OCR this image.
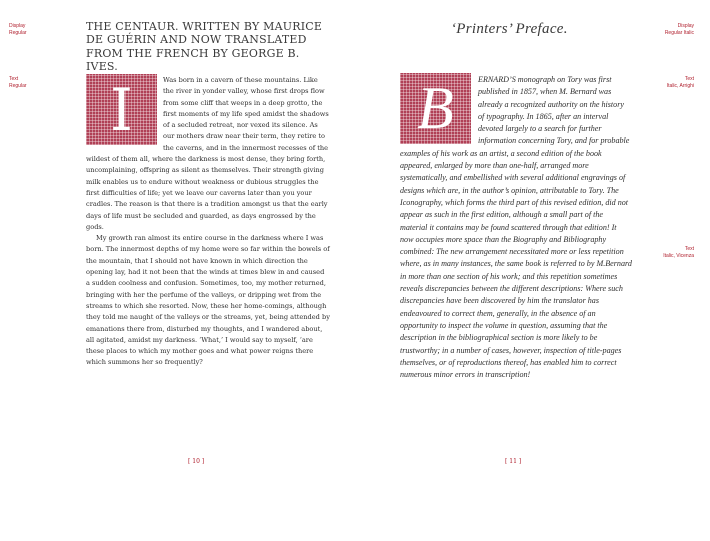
Display
Regular
Text
Regular
THE CENTAUR. WRITTEN BY MAURICE DE GUÉRIN AND NOW TRANSLATED FROM THE FRENCH BY GEORGE B. IVES.
I	Was born in a cavern of these mountains. Like the river in yonder valley, whose first drops flow from some cliff that weeps in a deep grotto, the first moments of my life sped amidst the shadows of a secluded retreat, nor vexed its silence. As our mothers draw near their term, they retire to the caverns, and in the innermost recesses of the wildest of them all, where the darkness is most dense, they bring forth, uncomplaining, offspring as silent as themselves. Their strength giving milk enables us to endure without weakness or dubious struggles the first difficulties of life; yet we leave our caverns later than you your cradles. The reason is that there is a tradition amongst us that the early days of life must be secluded and guarded, as days engrossed by the gods.

My growth ran almost its entire course in the darkness where I was born. The innermost depths of my home were so far within the bowels of the mountain, that I should not have known in which direction the opening lay, had it not been that the winds at times blew in and caused a sudden coolness and confusion. Sometimes, too, my mother returned, bringing with her the perfume of the valleys, or dripping wet from the streams to which she resorted. Now, these her home-comings, although they told me naught of the valleys or the streams, yet, being attended by emanations there from, disturbed my thoughts, and I wandered about, all agitated, amidst my darkness. ‘What,’ I would say to myself, ‘are these places to which my mother goes and what power reigns there which summons her so frequently?

[ 10 ]
Display
Regular Italic
Text
Italic, Arrighi
Text
Italic, Vicenza
‘Printers’ Preface.
B	ERNARD’S monograph on Tory was first published in 1857, when M. Bernard was already a recognized authority on the history of typography. In 1865, after an interval devoted largely to a search for further information concerning Tory, and for probable examples of his work as an artist, a second edition of the book appeared, enlarged by more than one-half, arranged more systematically, and embellished with several additional engravings of designs which are, in the author’s opinion, attributable to Tory. The Iconography, which forms the third part of this revised edition, did not appear as such in the first edition, although a small part of the material it contains may be found scattered through that edition! It now occupies more space than the Biography and Bibliography combined: The new arrangement necessitated more or less repetition where, as in many instances, the same book is referred to by M.Bernard in more than one section of his work; and this repetition sometimes reveals discrepancies between the different descriptions: Where such discrepancies have been discovered by him the translator has endeavoured to correct them, generally, in the absence of an opportunity to inspect the volume in question, assuming that the description in the bibliographical section is more likely to be trustworthy; in a number of cases, however, inspection of title-pages themselves, or of reproductions thereof, has enabled him to correct numerous minor errors in transcription!

[ 11 ]
